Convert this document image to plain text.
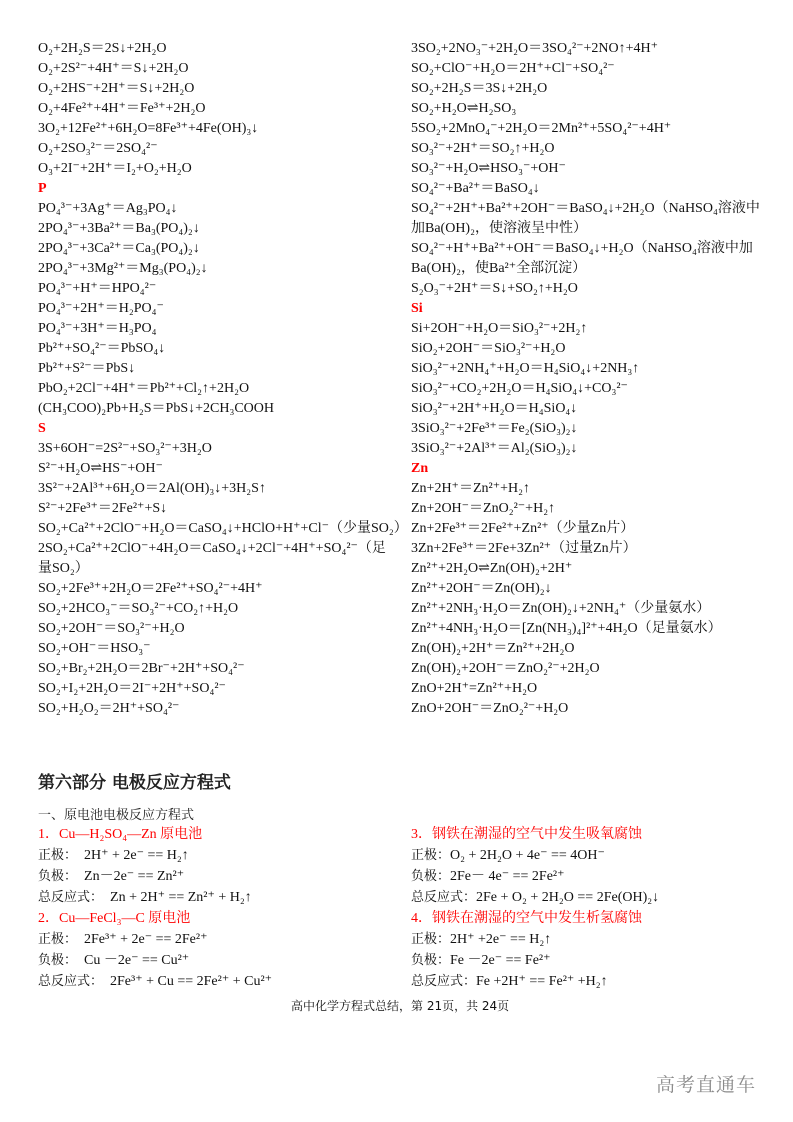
O₂+2H₂S＝2S↓+2H₂O
O₂+2S²⁻+4H⁺＝S↓+2H₂O
O₂+2HS⁻+2H⁺＝S↓+2H₂O
O₂+4Fe²⁺+4H⁺＝Fe³⁺+2H₂O
3O₂+12Fe²⁺+6H₂O=8Fe³⁺+4Fe(OH)₃↓
O₂+2SO₃²⁻＝2SO₄²⁻
O₃+2I⁻+2H⁺＝I₂+O₂+H₂O
P
PO₄³⁻+3Ag⁺＝Ag₃PO₄↓
2PO₄³⁻+3Ba²⁺＝Ba₃(PO₄)₂↓
2PO₄³⁻+3Ca²⁺＝Ca₃(PO₄)₂↓
2PO₄³⁻+3Mg²⁺＝Mg₃(PO₄)₂↓
PO₄³⁻+H⁺＝HPO₄²⁻
PO₄³⁻+2H⁺＝H₂PO₄⁻
PO₄³⁻+3H⁺＝H₃PO₄
Pb²⁺+SO₄²⁻＝PbSO₄↓
Pb²⁺+S²⁻＝PbS↓
PbO₂+2Cl⁻+4H⁺＝Pb²⁺+Cl₂↑+2H₂O
(CH₃COO)₂Pb+H₂S＝PbS↓+2CH₃COOH
S
3S+6OH⁻=2S²⁻+SO₃²⁻+3H₂O
S²⁻+H₂O⇌HS⁻+OH⁻
3S²⁻+2Al³⁺+6H₂O＝2Al(OH)₃↓+3H₂S↑
S²⁻+2Fe³⁺＝2Fe²⁺+S↓
SO₂+Ca²⁺+2ClO⁻+H₂O＝CaSO₄↓+HClO+H⁺+Cl⁻（少量SO₂）
2SO₂+Ca²⁺+2ClO⁻+4H₂O＝CaSO₄↓+2Cl⁻+4H⁺+SO₄²⁻（足
量SO₂）
SO₂+2Fe³⁺+2H₂O＝2Fe²⁺+SO₄²⁻+4H⁺
SO₂+2HCO₃⁻＝SO₃²⁻+CO₂↑+H₂O
SO₂+2OH⁻＝SO₃²⁻+H₂O
SO₂+OH⁻＝HSO₃⁻
SO₂+Br₂+2H₂O＝2Br⁻+2H⁺+SO₄²⁻
SO₂+I₂+2H₂O＝2I⁻+2H⁺+SO₄²⁻
SO₂+H₂O₂＝2H⁺+SO₄²⁻
3SO₂+2NO₃⁻+2H₂O＝3SO₄²⁻+2NO↑+4H⁺
SO₂+ClO⁻+H₂O＝2H⁺+Cl⁻+SO₄²⁻
SO₂+2H₂S＝3S↓+2H₂O
SO₂+H₂O⇌H₂SO₃
5SO₂+2MnO₄⁻+2H₂O＝2Mn²⁺+5SO₄²⁻+4H⁺
SO₃²⁻+2H⁺＝SO₂↑+H₂O
SO₃²⁻+H₂O⇌HSO₃⁻+OH⁻
SO₄²⁻+Ba²⁺＝BaSO₄↓
SO₄²⁻+2H⁺+Ba²⁺+2OH⁻＝BaSO₄↓+2H₂O（NaHSO₄溶液中
加Ba(OH)₂，使溶液呈中性）
SO₄²⁻+H⁺+Ba²⁺+OH⁻＝BaSO₄↓+H₂O（NaHSO₄溶液中加
Ba(OH)₂，使Ba²⁺全部沉淀）
S₂O₃⁻+2H⁺＝S↓+SO₂↑+H₂O
Si
Si+2OH⁻+H₂O＝SiO₃²⁻+2H₂↑
SiO₂+2OH⁻＝SiO₃²⁻+H₂O
SiO₃²⁻+2NH₄⁺+H₂O＝H₄SiO₄↓+2NH₃↑
SiO₃²⁻+CO₂+2H₂O＝H₄SiO₄↓+CO₃²⁻
SiO₃²⁻+2H⁺+H₂O＝H₄SiO₄↓
3SiO₃²⁻+2Fe³⁺＝Fe₂(SiO₃)₂↓
3SiO₃²⁻+2Al³⁺＝Al₂(SiO₃)₂↓
Zn
Zn+2H⁺＝Zn²⁺+H₂↑
Zn+2OH⁻＝ZnO₂²⁻+H₂↑
Zn+2Fe³⁺＝2Fe²⁺+Zn²⁺（少量Zn片）
3Zn+2Fe³⁺＝2Fe+3Zn²⁺（过量Zn片）
Zn²⁺+2H₂O⇌Zn(OH)₂+2H⁺
Zn²⁺+2OH⁻＝Zn(OH)₂↓
Zn²⁺+2NH₃·H₂O＝Zn(OH)₂↓+2NH₄⁺（少量氨水）
Zn²⁺+4NH₃·H₂O＝[Zn(NH₃)₄]²⁺+4H₂O（足量氨水）
Zn(OH)₂+2H⁺＝Zn²⁺+2H₂O
Zn(OH)₂+2OH⁻＝ZnO₂²⁻+2H₂O
ZnO+2H⁺=Zn²⁺+H₂O
ZnO+2OH⁻＝ZnO₂²⁻+H₂O
第六部分 电极反应方程式
一、原电池电极反应方程式
1．Cu—H₂SO₄—Zn 原电池
正极：  2H⁺ + 2e⁻ == H₂↑
负极：  Zn－2e⁻ == Zn²⁺
总反应式：  Zn + 2H⁺ == Zn²⁺ + H₂↑
2．Cu—FeCl₃—C 原电池
正极：  2Fe³⁺ + 2e⁻ == 2Fe²⁺
负极：  Cu －2e⁻ == Cu²⁺
总反应式：  2Fe³⁺ + Cu == 2Fe²⁺ + Cu²⁺
3．钢铁在潮湿的空气中发生吸氧腐蚀
正极：O₂ + 2H₂O + 4e⁻ == 4OH⁻
负极：2Fe－ 4e⁻ == 2Fe²⁺
总反应式：2Fe + O₂ + 2H₂O == 2Fe(OH)₂↓
4．钢铁在潮湿的空气中发生析氢腐蚀
正极：2H⁺ +2e⁻ == H₂↑
负极：Fe －2e⁻ == Fe²⁺
总反应式：Fe +2H⁺ == Fe²⁺ +H₂↑
高中化学方程式总结，第 21页，共 24页
高考直通车
